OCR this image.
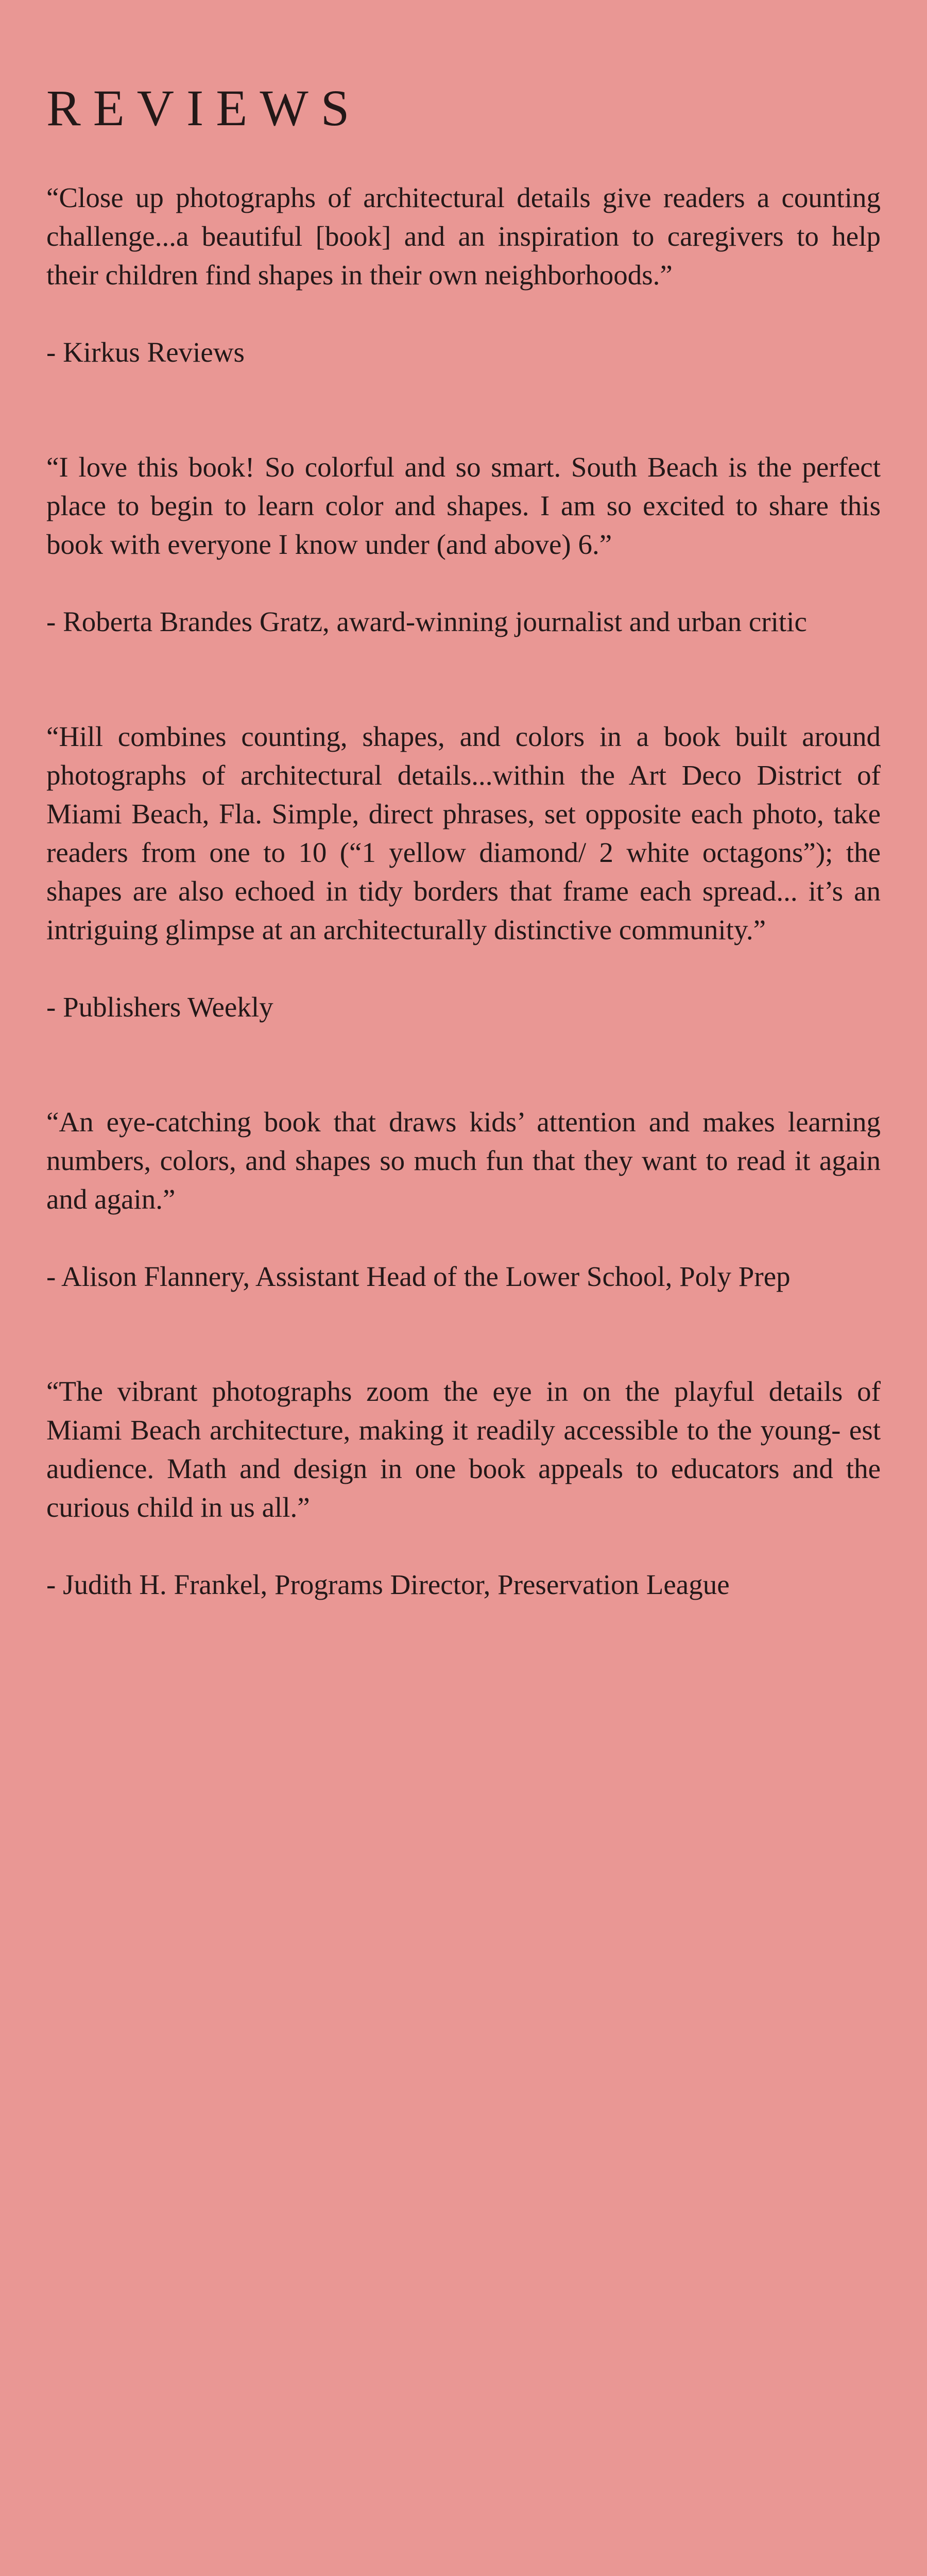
REVIEWS

“Close up photographs of architectural details give readers a counting challenge...a beautiful [book] and an inspiration to caregivers to help their children find shapes in their own neighborhoods.”

- Kirkus Reviews

“I love this book! So colorful and so smart. South Beach is the perfect place to begin to learn color and shapes. I am so excited to share this book with everyone I know under (and above) 6.”

- Roberta Brandes Gratz, award-winning journalist and urban critic

“Hill combines counting, shapes, and colors in a book built around photographs of architectural details...within the Art Deco District of Miami Beach, Fla. Simple, direct phrases, set opposite each photo, take readers from one to 10 (“1 yellow diamond/ 2 white octagons”); the shapes are also echoed in tidy borders that frame each spread... it’s an intriguing glimpse at an architecturally distinctive community.”

- Publishers Weekly

“An eye-catching book that draws kids’ attention and makes learning numbers, colors, and shapes so much fun that they want to read it again and again.”

- Alison Flannery, Assistant Head of the Lower School, Poly Prep

“The vibrant photographs zoom the eye in on the playful details of Miami Beach architecture, making it readily accessible to the young- est audience. Math and design in one book appeals to educators and the curious child in us all.”

- Judith H. Frankel, Programs Director, Preservation League
